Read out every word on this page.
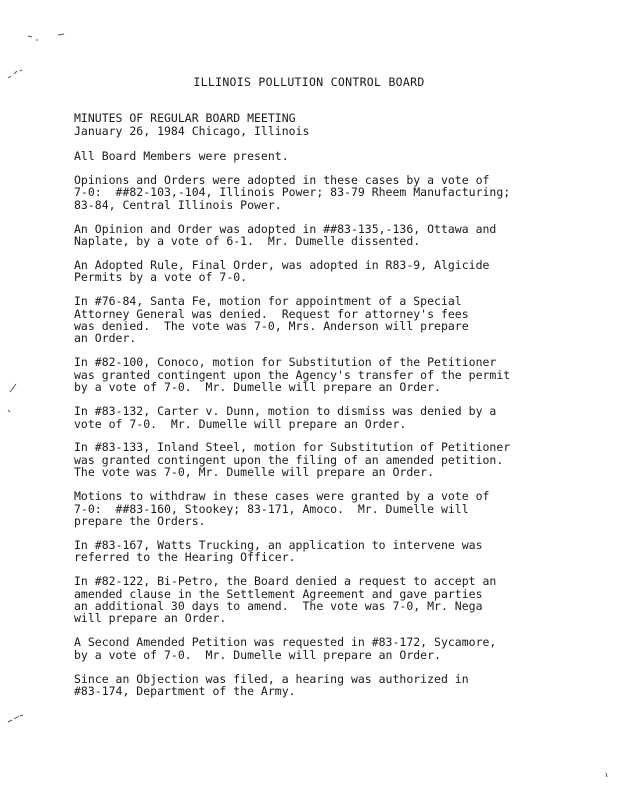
ILLINOIS POLLUTION CONTROL BOARD
MINUTES OF REGULAR BOARD MEETING
January 26, 1984 Chicago, Illinois
All Board Members were present.
Opinions and Orders were adopted in these cases by a vote of
7-0:  ##82-103,-104, Illinois Power; 83-79 Rheem Manufacturing;
83-84, Central Illinois Power.
An Opinion and Order was adopted in ##83-135,-136, Ottawa and
Naplate, by a vote of 6-1.  Mr. Dumelle dissented.
An Adopted Rule, Final Order, was adopted in R83-9, Algicide
Permits by a vote of 7-0.
In #76-84, Santa Fe, motion for appointment of a Special
Attorney General was denied.  Request for attorney's fees
was denied.  The vote was 7-0, Mrs. Anderson will prepare
an Order.
In #82-100, Conoco, motion for Substitution of the Petitioner
was granted contingent upon the Agency's transfer of the permit
by a vote of 7-0.  Mr. Dumelle will prepare an Order.
In #83-132, Carter v. Dunn, motion to dismiss was denied by a
vote of 7-0.  Mr. Dumelle will prepare an Order.
In #83-133, Inland Steel, motion for Substitution of Petitioner
was granted contingent upon the filing of an amended petition.
The vote was 7-0, Mr. Dumelle will prepare an Order.
Motions to withdraw in these cases were granted by a vote of
7-0:  ##83-160, Stookey; 83-171, Amoco.  Mr. Dumelle will
prepare the Orders.
In #83-167, Watts Trucking, an application to intervene was
referred to the Hearing Officer.
In #82-122, Bi-Petro, the Board denied a request to accept an
amended clause in the Settlement Agreement and gave parties
an additional 30 days to amend.  The vote was 7-0, Mr. Nega
will prepare an Order.
A Second Amended Petition was requested in #83-172, Sycamore,
by a vote of 7-0.  Mr. Dumelle will prepare an Order.
Since an Objection was filed, a hearing was authorized in
#83-174, Department of the Army.
